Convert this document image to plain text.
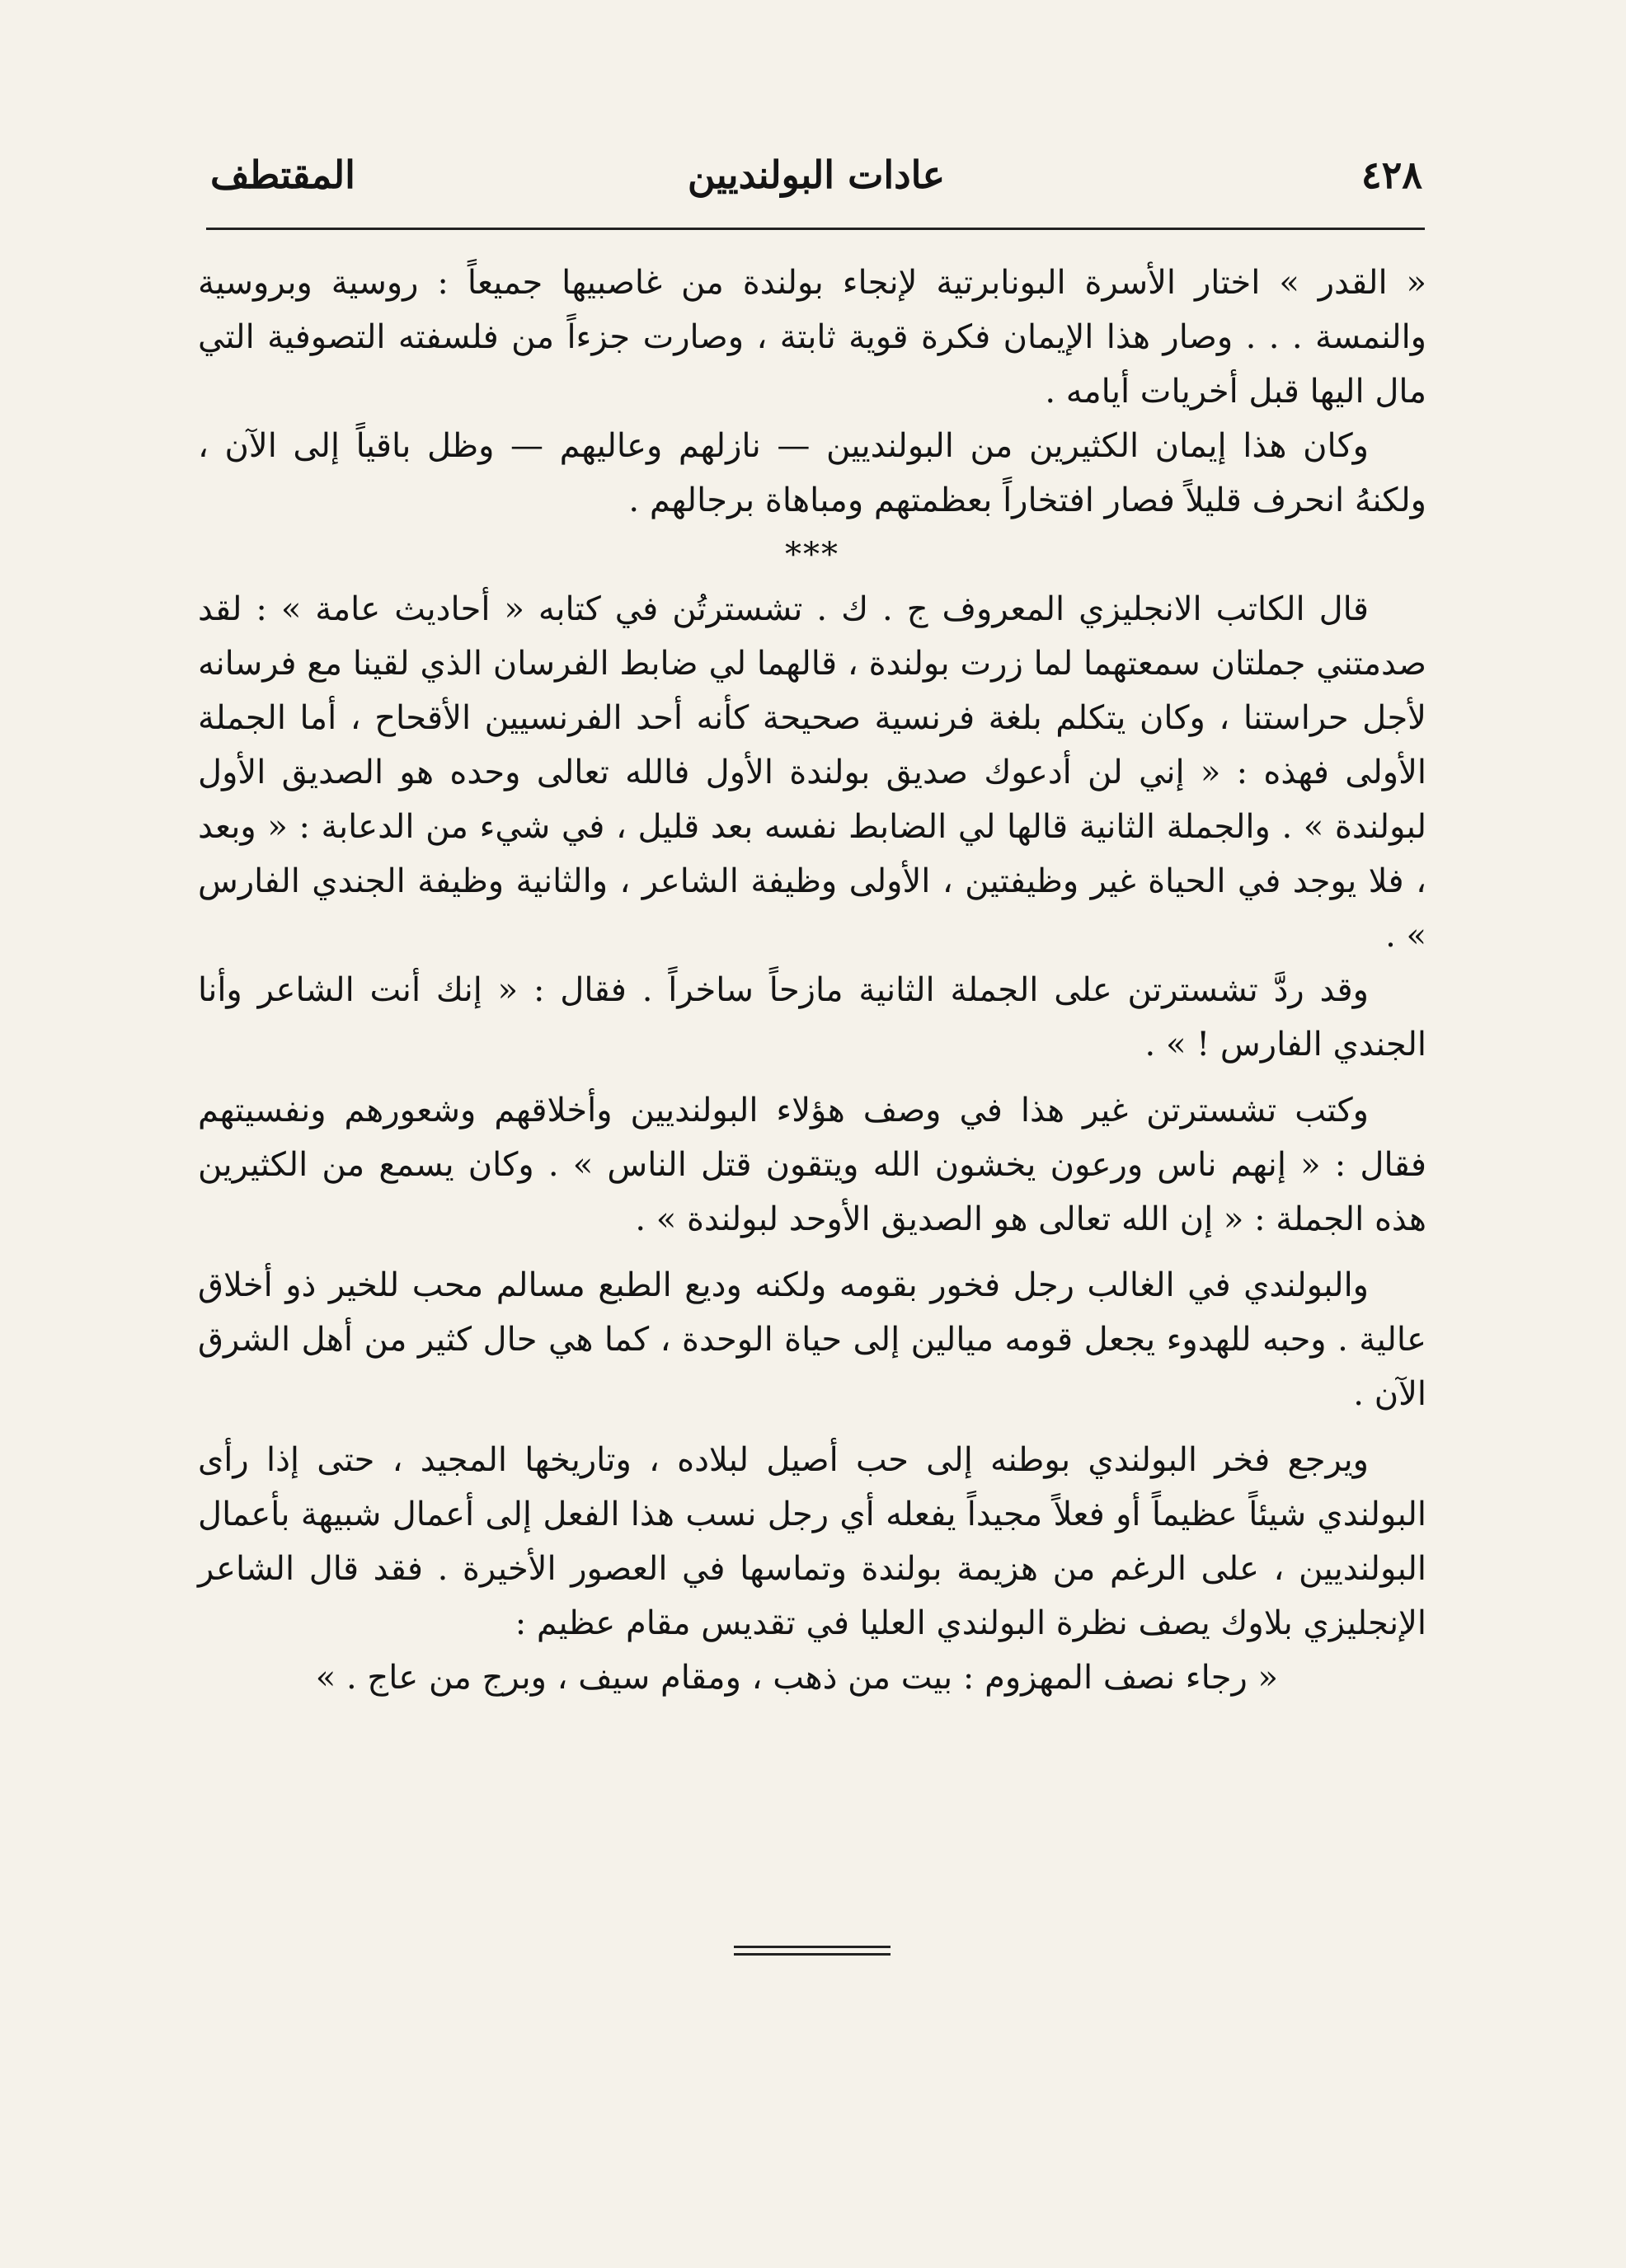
٤٢٨
عادات البولنديين
المقتطف

« القدر » اختار الأسرة البونابرتية لإنجاء بولندة من غاصبيها جميعاً : روسية وبروسية والنمسة . . . وصار هذا الإيمان فكرة قوية ثابتة ، وصارت جزءاً من فلسفته التصوفية التي مال اليها قبل أخريات أيامه .

وكان هذا إيمان الكثيرين من البولنديين — نازلهم وعاليهم — وظل باقياً إلى الآن ، ولكنهُ انحرف قليلاً فصار افتخاراً بعظمتهم ومباهاة برجالهم .

***

قال الكاتب الانجليزي المعروف ج . ك . تشسترتُن في كتابه « أحاديث عامة » : لقد صدمتني جملتان سمعتهما لما زرت بولندة ، قالهما لي ضابط الفرسان الذي لقينا مع فرسانه لأجل حراستنا ، وكان يتكلم بلغة فرنسية صحيحة كأنه أحد الفرنسيين الأقحاح ، أما الجملة الأولى فهذه : « إني لن أدعوك صديق بولندة الأول فالله تعالى وحده هو الصديق الأول لبولندة » . والجملة الثانية قالها لي الضابط نفسه بعد قليل ، في شيء من الدعابة : « وبعد ، فلا يوجد في الحياة غير وظيفتين ، الأولى وظيفة الشاعر ، والثانية وظيفة الجندي الفارس » .

وقد ردَّ تشسترتن على الجملة الثانية مازحاً ساخراً . فقال : « إنك أنت الشاعر وأنا الجندي الفارس ! » .

وكتب تشسترتن غير هذا في وصف هؤلاء البولنديين وأخلاقهم وشعورهم ونفسيتهم فقال : « إنهم ناس ورعون يخشون الله ويتقون قتل الناس » . وكان يسمع من الكثيرين هذه الجملة : « إن الله تعالى هو الصديق الأوحد لبولندة » .

والبولندي في الغالب رجل فخور بقومه ولكنه وديع الطبع مسالم محب للخير ذو أخلاق عالية . وحبه للهدوء يجعل قومه ميالين إلى حياة الوحدة ، كما هي حال كثير من أهل الشرق الآن .

ويرجع فخر البولندي بوطنه إلى حب أصيل لبلاده ، وتاريخها المجيد ، حتى إذا رأى البولندي شيئاً عظيماً أو فعلاً مجيداً يفعله أي رجل نسب هذا الفعل إلى أعمال شبيهة بأعمال البولنديين ، على الرغم من هزيمة بولندة وتماسها في العصور الأخيرة . فقد قال الشاعر الإنجليزي بلاوك يصف نظرة البولندي العليا في تقديس مقام عظيم :

« رجاء نصف المهزوم : بيت من ذهب ، ومقام سيف ، وبرج من عاج . »
